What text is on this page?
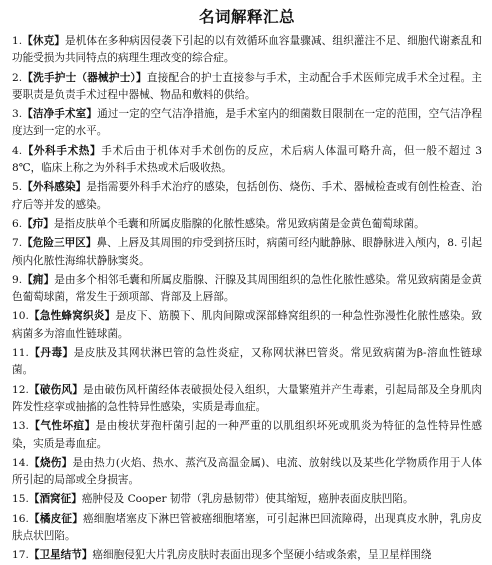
名词解释汇总
1.【休克】是机体在多种病因侵袭下引起的以有效循环血容量骤减、组织灌注不足、细胞代谢紊乱和功能受损为共同特点的病理生理改变的综合症。
2.【洗手护士（器械护士）】直接配合的护士直接参与手术，主动配合手术医师完成手术全过程。主要职责是负责手术过程中器械、物品和敷料的供给。
3.【洁净手术室】通过一定的空气洁净措施，是手术室内的细菌数目限制在一定的范围，空气洁净程度达到一定的水平。
4.【外科手术热】手术后由于机体对手术创伤的反应，术后病人体温可略升高，但一般不超过 38℃，临床上称之为外科手术热或术后吸收热。
5.【外科感染】是指需要外科手术治疗的感染，包括创伤、烧伤、手术、器械检查或有创性检查、治疗后等并发的感染。
6.【疖】是指皮肤单个毛囊和所属皮脂腺的化脓性感染。常见致病菌是金黄色葡萄球菌。
7.【危险三甲区】鼻、上唇及其周围的疖受到挤压时，病菌可经内眦静脉、眼静脉进入颅内，8. 引起颅内化脓性海绵状静脉窦炎。
9.【痈】是由多个相邻毛囊和所属皮脂腺、汗腺及其周围组织的急性化脓性感染。常见致病菌是金黄色葡萄球菌，常发生于颈项部、背部及上唇部。
10.【急性蜂窝织炎】是皮下、筋膜下、肌肉间隙或深部蜂窝组织的一种急性弥漫性化脓性感染。致病菌多为溶血性链球菌。
11.【丹毒】是皮肤及其网状淋巴管的急性炎症，又称网状淋巴管炎。常见致病菌为β-溶血性链球菌。
12.【破伤风】是由破伤风杆菌经体表破损处侵入组织，大量繁殖并产生毒素，引起局部及全身肌肉阵发性痉挛或抽搐的急性特异性感染，实质是毒血症。
13.【气性坏疽】是由梭状芽孢杆菌引起的一种严重的以肌组织坏死或肌炎为特征的急性特异性感染，实质是毒血症。
14.【烧伤】是由热力(火焰、热水、蒸汽及高温金属)、电流、放射线以及某些化学物质作用于人体所引起的局部或全身损害。
15.【酒窝征】癌肿侵及 Cooper 韧带（乳房悬韧带）使其缩短，癌肿表面皮肤凹陷。
16.【橘皮征】癌细胞堵塞皮下淋巴管被癌细胞堵塞，可引起淋巴回流障碍，出现真皮水肿，乳房皮肤点状凹陷。
17.【卫星结节】癌细胞侵犯大片乳房皮肤时表面出现多个坚硬小结或条索，呈卫星样围绕
